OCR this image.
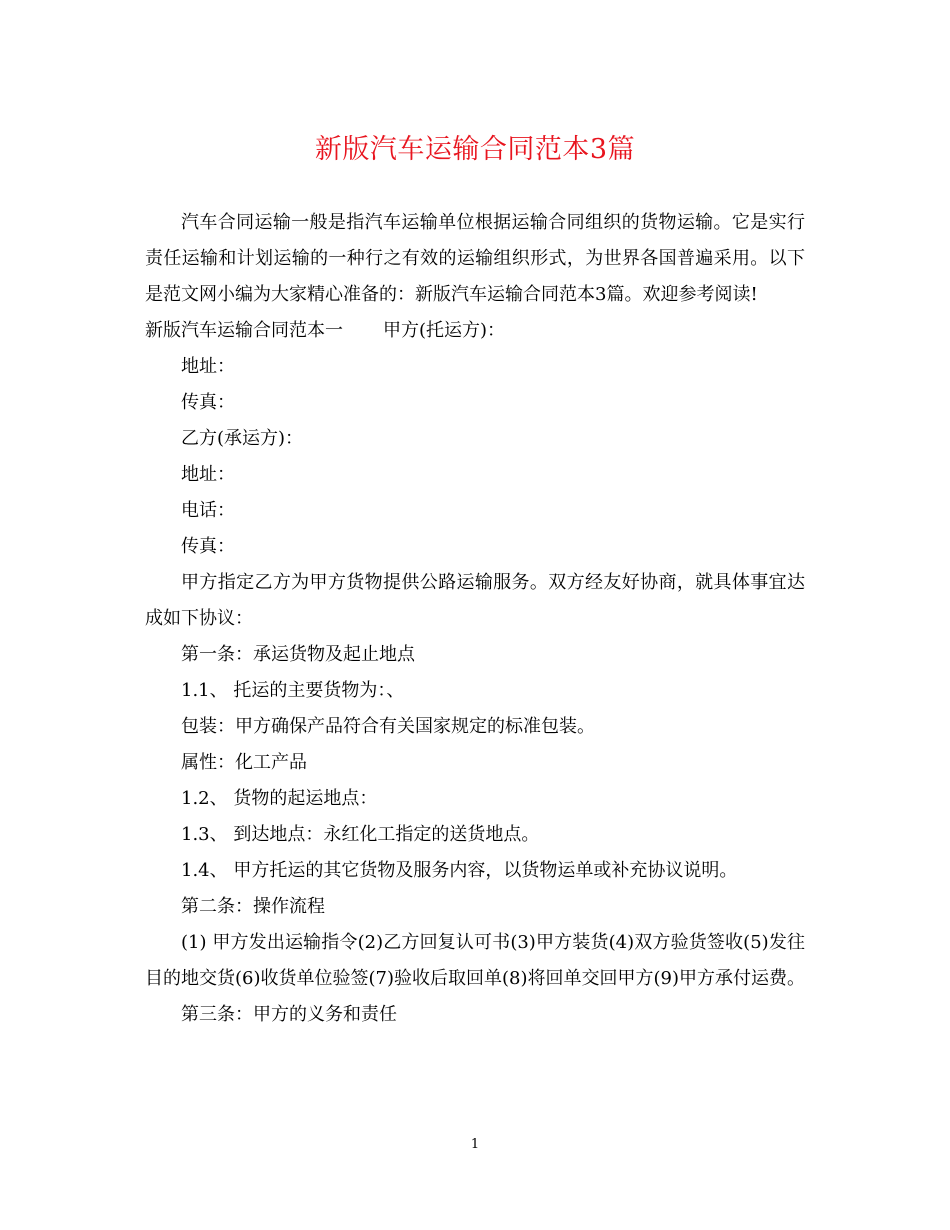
新版汽车运输合同范本3篇

汽车合同运输一般是指汽车运输单位根据运输合同组织的货物运输。它是实行责任运输和计划运输的一种行之有效的运输组织形式，为世界各国普遍采用。以下是范文网小编为大家精心准备的：新版汽车运输合同范本3篇。欢迎参考阅读!

新版汽车运输合同范本一 甲方(托运方)：

地址：

传真：

乙方(承运方)：

地址：

电话：

传真：

甲方指定乙方为甲方货物提供公路运输服务。双方经友好协商，就具体事宜达成如下协议：

第一条：承运货物及起止地点

1.1、 托运的主要货物为：、

包装：甲方确保产品符合有关国家规定的标准包装。

属性：化工产品

1.2、 货物的起运地点：

1.3、 到达地点：永红化工指定的送货地点。

1.4、 甲方托运的其它货物及服务内容，以货物运单或补充协议说明。

第二条：操作流程

(1) 甲方发出运输指令(2)乙方回复认可书(3)甲方装货(4)双方验货签收(5)发往目的地交货(6)收货单位验签(7)验收后取回单(8)将回单交回甲方(9)甲方承付运费。

第三条：甲方的义务和责任

1
